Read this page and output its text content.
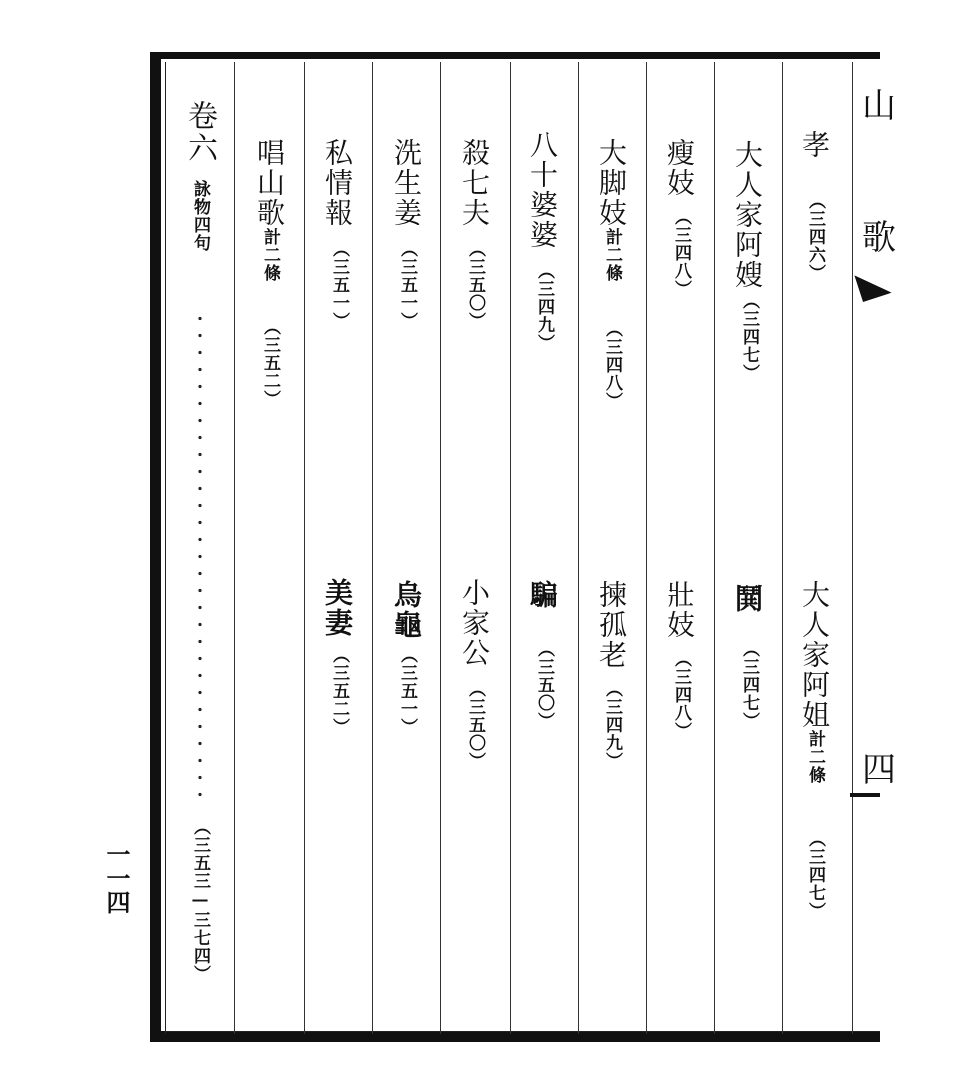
山
歌
四
孝
（三四六）
大人家阿姐
計二條
（三四七）
大人家阿嫂
（三四七）
鬨
（三四七）
瘦妓
（三四八）
壯妓
（三四八）
大脚妓
計二條
（三四八）
揀孤老
（三四九）
八十婆婆
（三四九）
騙
（三五〇）
殺七夫
（三五〇）
小家公
（三五〇）
洗生姜
（三五一）
烏龜
（三五一）
私情報
（三五一）
美妻
（三五二）
唱山歌
計二條
（三五二）
卷六
詠物四句
（三五三—三七四）
一一四
